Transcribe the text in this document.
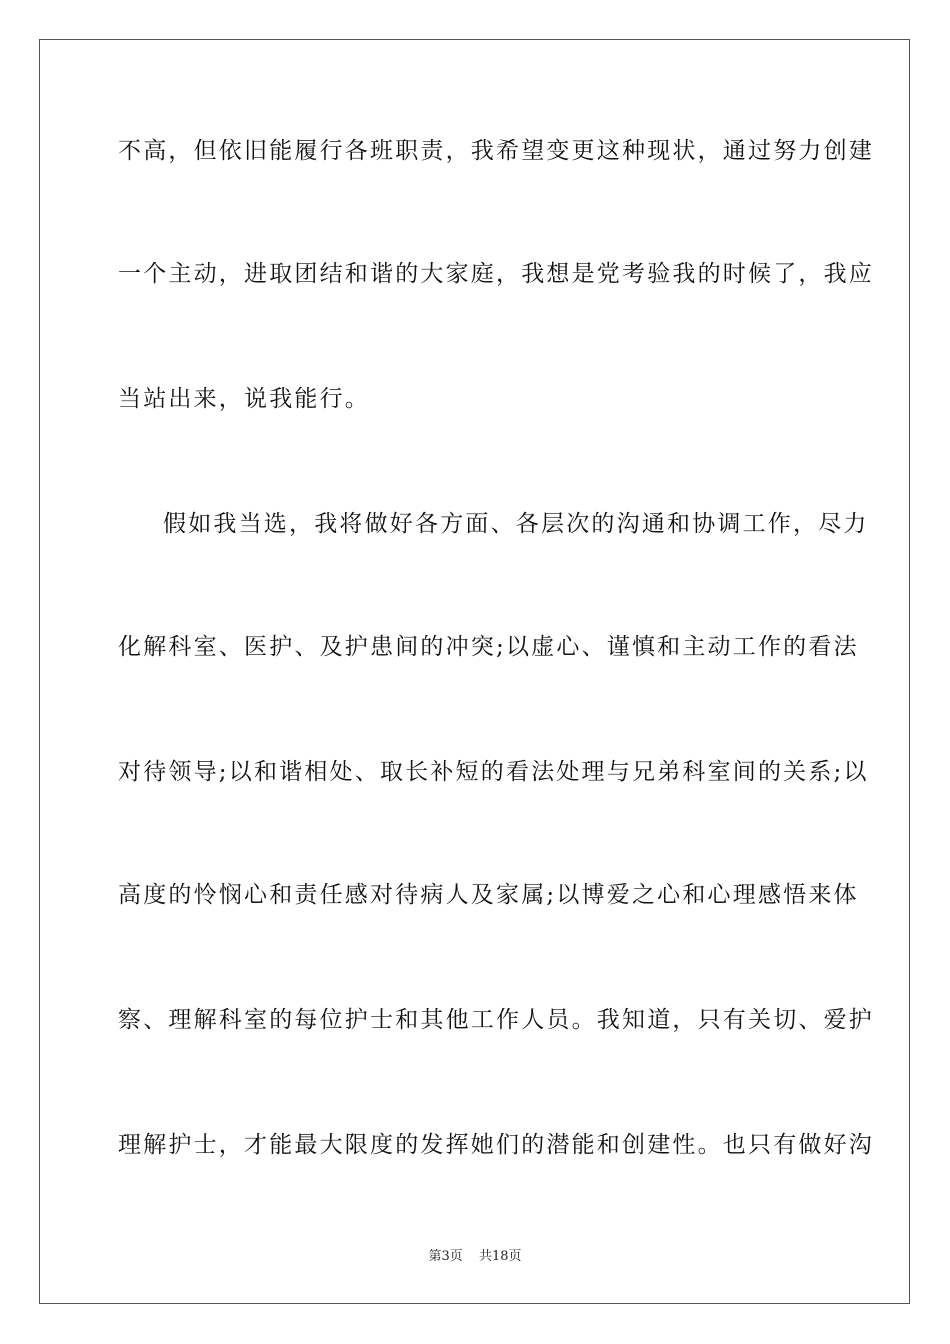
不高，但依旧能履行各班职责，我希望变更这种现状，通过努力创建
一个主动，进取团结和谐的大家庭，我想是党考验我的时候了，我应
当站出来，说我能行。
假如我当选，我将做好各方面、各层次的沟通和协调工作，尽力
化解科室、医护、及护患间的冲突;以虚心、谨慎和主动工作的看法
对待领导;以和谐相处、取长补短的看法处理与兄弟科室间的关系;以
高度的怜悯心和责任感对待病人及家属;以博爱之心和心理感悟来体
察、理解科室的每位护士和其他工作人员。我知道，只有关切、爱护
理解护士，才能最大限度的发挥她们的潜能和创建性。也只有做好沟
第3页 共18页
